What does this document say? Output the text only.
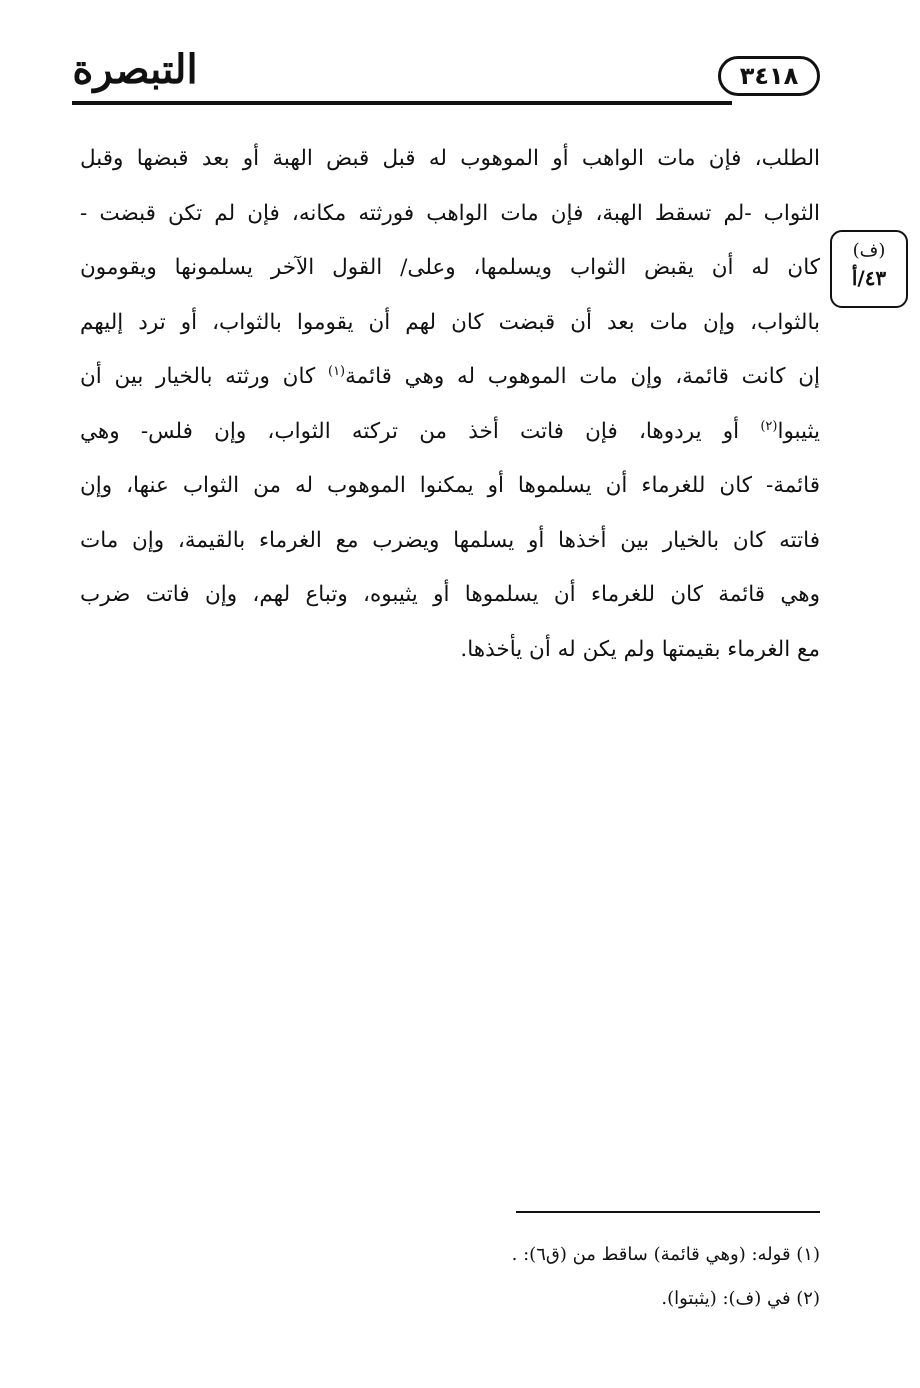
التبصرة	٣٤١٨
(ف)
٤٣/أ
الطلب، فإن مات الواهب أو الموهوب له قبل قبض الهبة أو بعد قبضها وقبل
الثواب -لم تسقط الهبة، فإن مات الواهب فورثته مكانه، فإن لم تكن قبضت -
كان له أن يقبض الثواب ويسلمها، وعلى/ القول الآخر يسلمونها ويقومون
بالثواب، وإن مات بعد أن قبضت كان لهم أن يقوموا بالثواب، أو ترد إليهم
إن كانت قائمة، وإن مات الموهوب له وهي قائمة$^{(١)}$ كان ورثته بالخيار بين أن
يثيبوا$^{(٢)}$ أو يردوها، فإن فاتت أخذ من تركته الثواب، وإن فلس- وهي
قائمة- كان للغرماء أن يسلموها أو يمكنوا الموهوب له من الثواب عنها، وإن
فاتته كان بالخيار بين أخذها أو يسلمها ويضرب مع الغرماء بالقيمة، وإن مات
وهي قائمة كان للغرماء أن يسلموها أو يثيبوه، وتباع لهم، وإن فاتت ضرب
مع الغرماء بقيمتها ولم يكن له أن يأخذها.
(١) قوله: (وهي قائمة) ساقط من (ق٦): .
(٢) في (ف): (يثبتوا).
